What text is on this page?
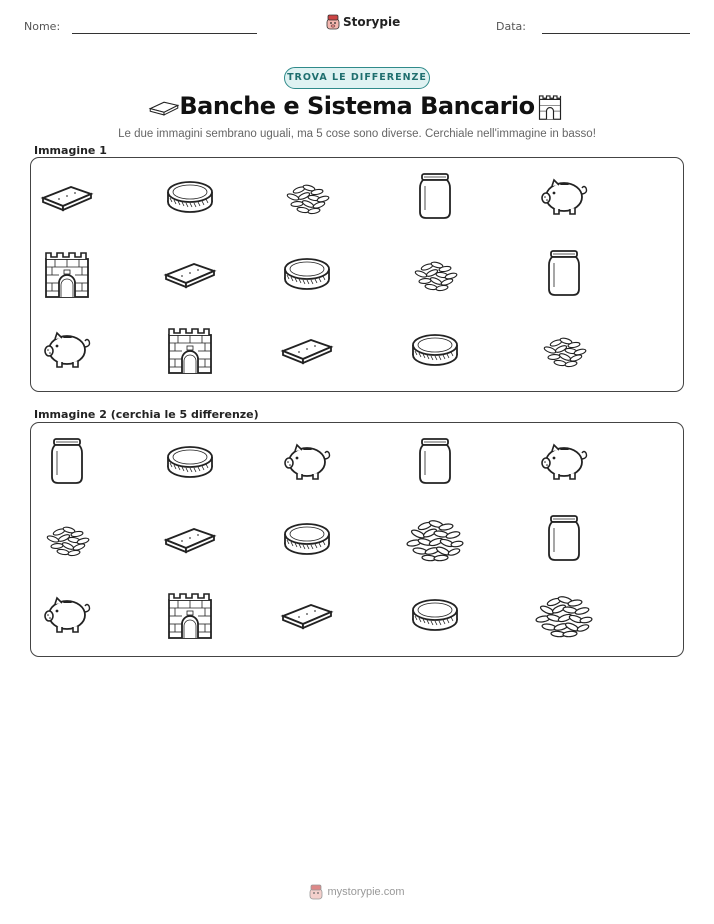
Nome:	Storypie	Data:
TROVA LE DIFFERENZE
Banche e Sistema Bancario
Le due immagini sembrano uguali, ma 5 cose sono diverse. Cerchiale nell'immagine in basso!
Immagine 1
Immagine 2 (cerchia le 5 differenze)
mystorypie.com
